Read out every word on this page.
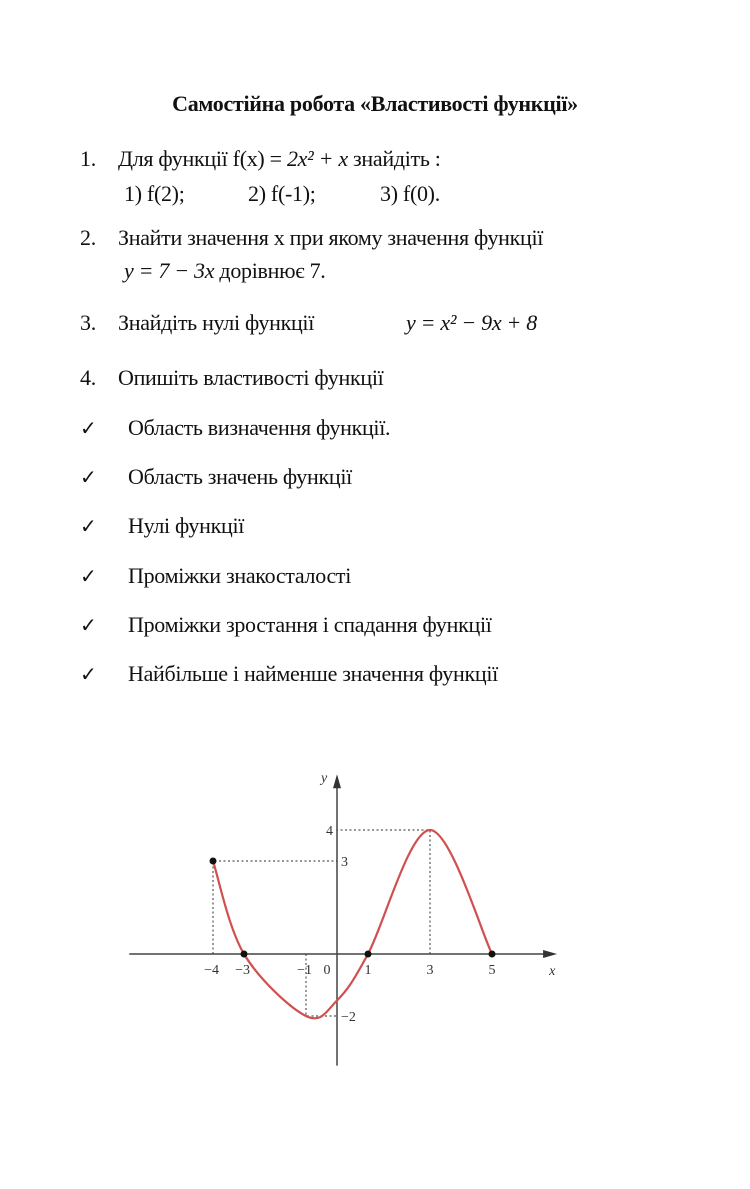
Самостійна робота «Властивості функції»
1. Для функції f(x) = 2x² + x знайдіть :
1) f(2);	2) f(-1);	3) f(0).
2. Знайти значення х при якому значення функції
y = 7 − 3x дорівнює 7.
3. Знайдіть нулі функції	y = x² − 9x + 8
4. Опишіть властивості функції
✓ Область визначення функції.
✓ Область значень функції
✓ Нулі функції
✓ Проміжки знакосталості
✓ Проміжки зростання і спадання функції
✓ Найбільше і найменше значення функції
−4 −3	−1 0 1	3	5
4
3
−2
x
y
